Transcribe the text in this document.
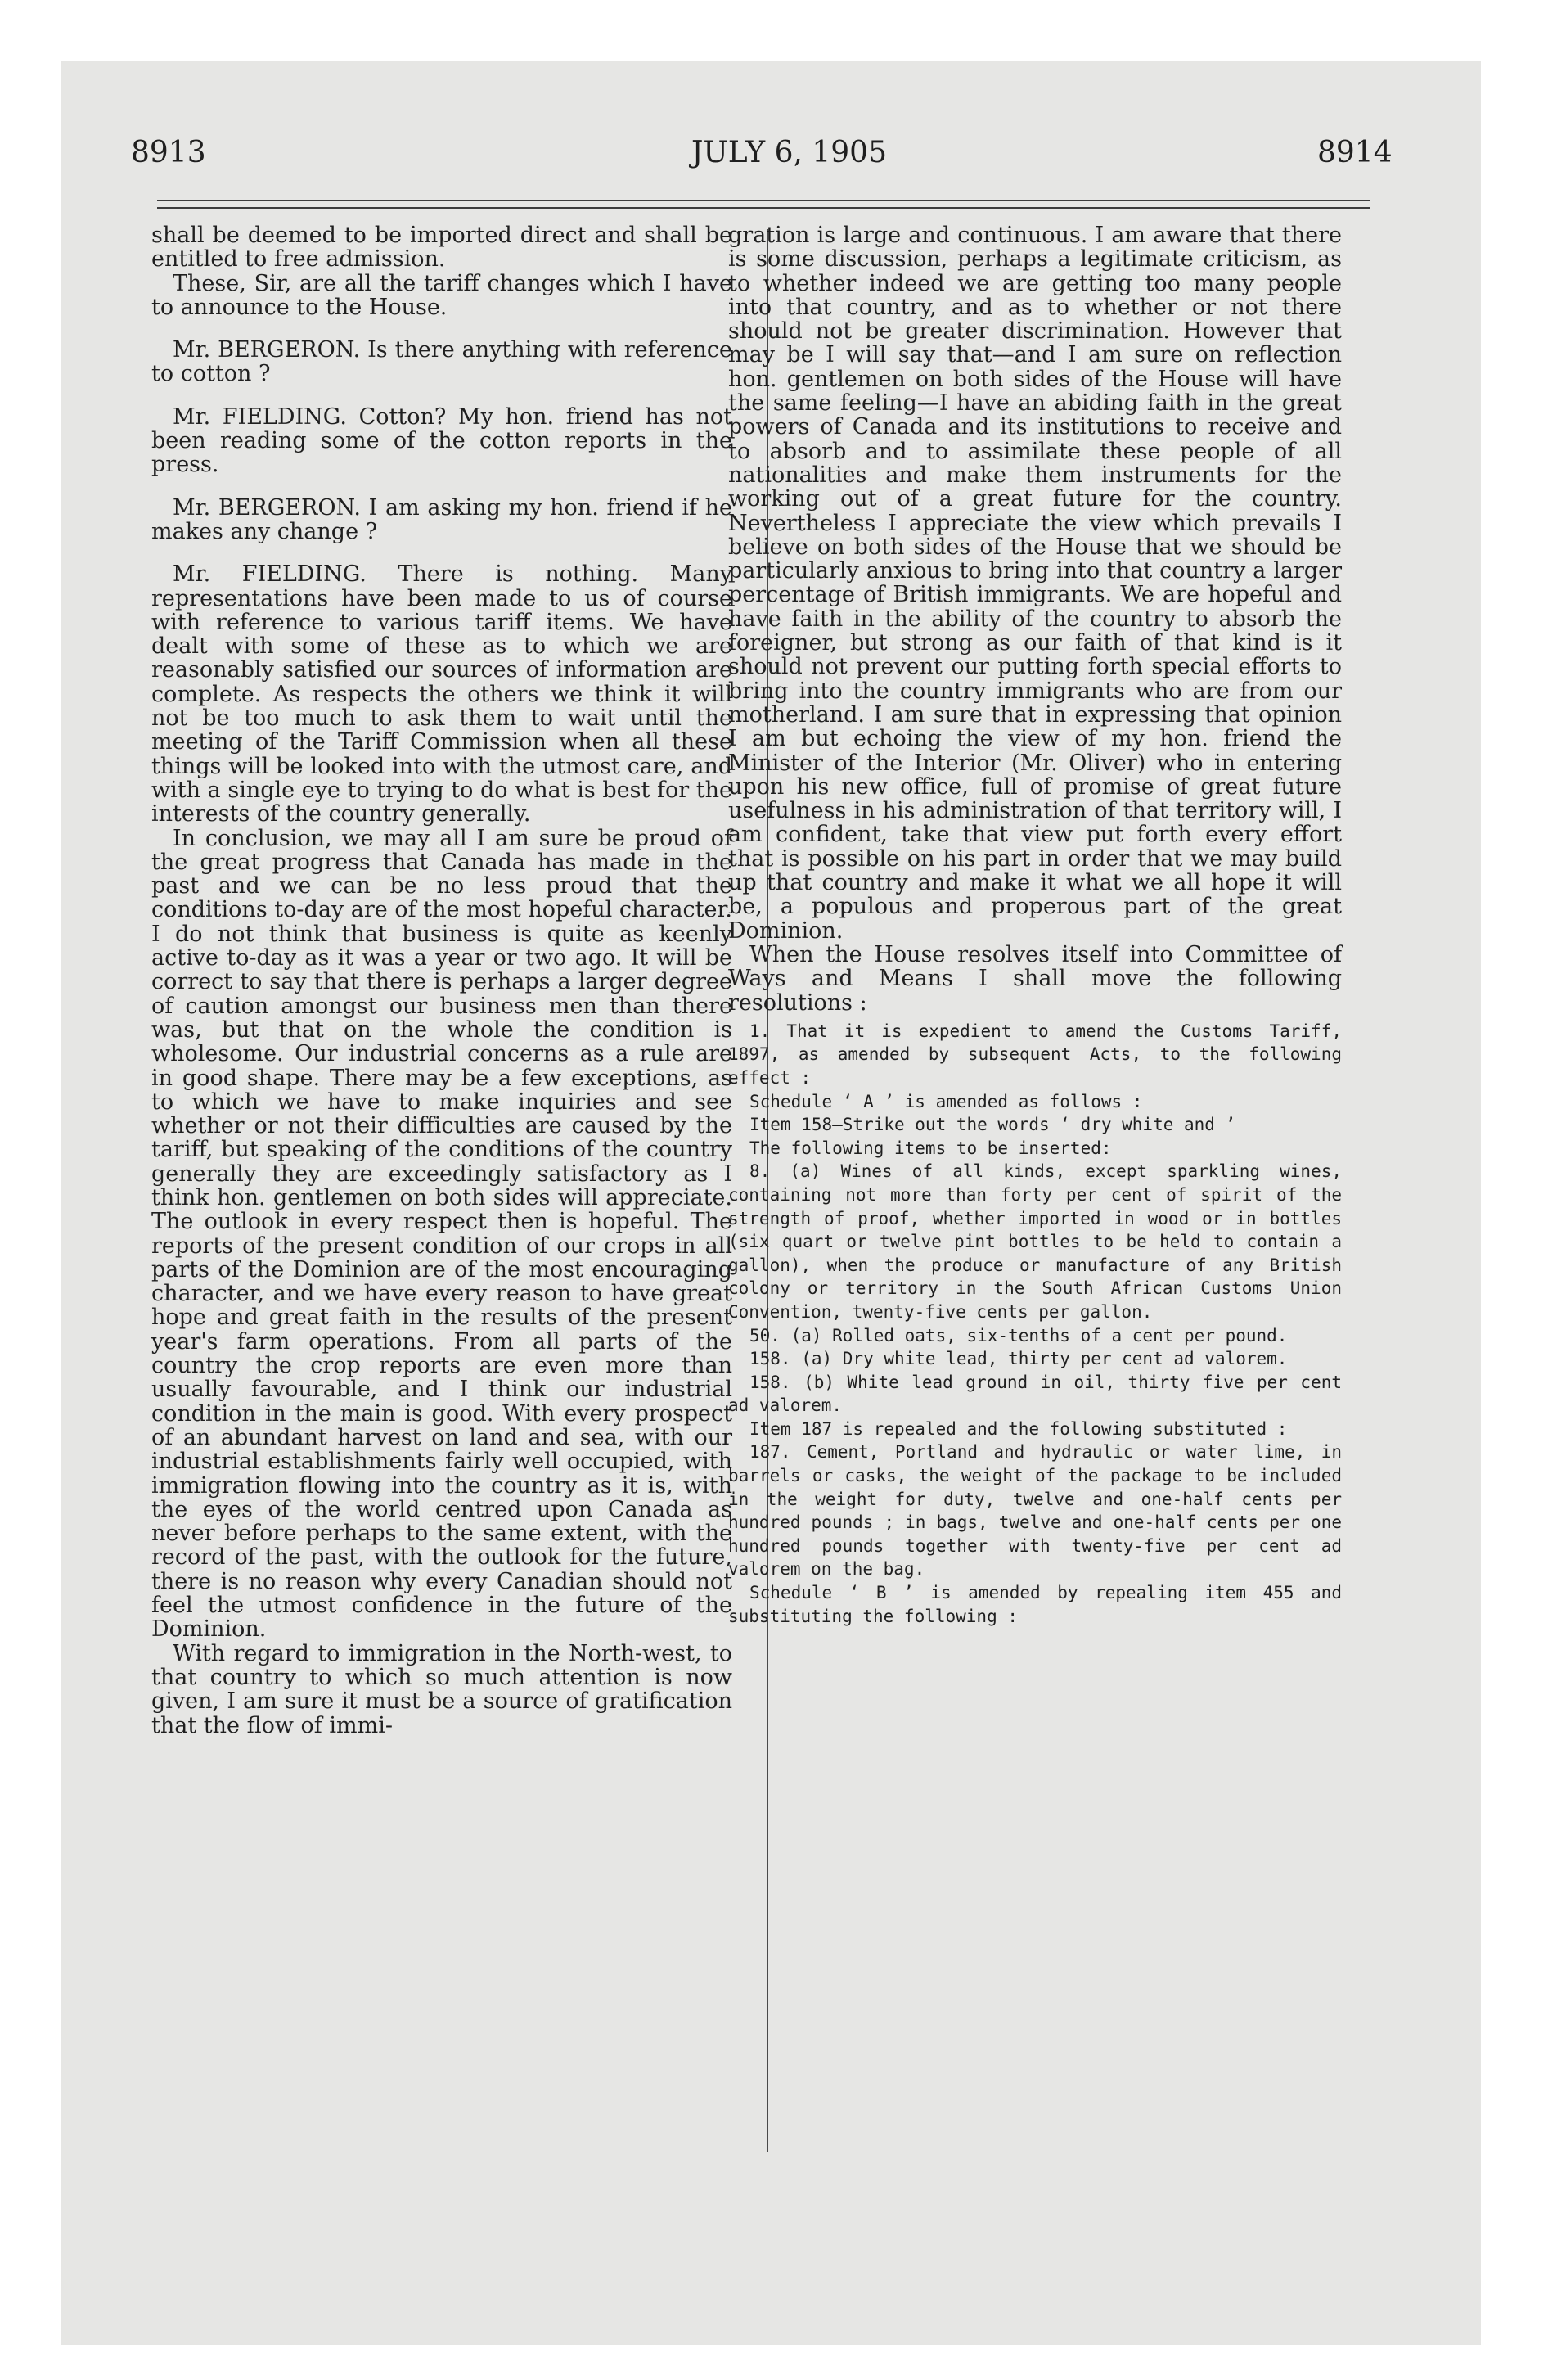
8913	JULY 6, 1905	8914

shall be deemed to be imported direct and shall be entitled to free admission.

These, Sir, are all the tariff changes which I have to announce to the House.

Mr. BERGERON. Is there anything with reference to cotton ?

Mr. FIELDING. Cotton? My hon. friend has not been reading some of the cotton reports in the press.

Mr. BERGERON. I am asking my hon. friend if he makes any change ?

Mr. FIELDING. There is nothing. Many representations have been made to us of course with reference to various tariff items. We have dealt with some of these as to which we are reasonably satisfied our sources of information are complete. As respects the others we think it will not be too much to ask them to wait until the meeting of the Tariff Commission when all these things will be looked into with the utmost care, and with a single eye to trying to do what is best for the interests of the country generally.

In conclusion, we may all I am sure be proud of the great progress that Canada has made in the past and we can be no less proud that the conditions to-day are of the most hopeful character. I do not think that business is quite as keenly active to-day as it was a year or two ago. It will be correct to say that there is perhaps a larger degree of caution amongst our business men than there was, but that on the whole the condition is wholesome. Our industrial concerns as a rule are in good shape. There may be a few exceptions, as to which we have to make inquiries and see whether or not their difficulties are caused by the tariff, but speaking of the conditions of the country generally they are exceedingly satisfactory as I think hon. gentlemen on both sides will appreciate. The outlook in every respect then is hopeful. The reports of the present condition of our crops in all parts of the Dominion are of the most encouraging character, and we have every reason to have great hope and great faith in the results of the present year's farm operations. From all parts of the country the crop reports are even more than usually favourable, and I think our industrial condition in the main is good. With every prospect of an abundant harvest on land and sea, with our industrial establishments fairly well occupied, with immigration flowing into the country as it is, with the eyes of the world centred upon Canada as never before perhaps to the same extent, with the record of the past, with the outlook for the future, there is no reason why every Canadian should not feel the utmost confidence in the future of the Dominion.

With regard to immigration in the North-west, to that country to which so much attention is now given, I am sure it must be a source of gratification that the flow of immi-

gration is large and continuous. I am aware that there is some discussion, perhaps a legitimate criticism, as to whether indeed we are getting too many people into that country, and as to whether or not there should not be greater discrimination. However that may be I will say that—and I am sure on reflection hon. gentlemen on both sides of the House will have the same feeling—I have an abiding faith in the great powers of Canada and its institutions to receive and to absorb and to assimilate these people of all nationalities and make them instruments for the working out of a great future for the country. Nevertheless I appreciate the view which prevails I believe on both sides of the House that we should be particularly anxious to bring into that country a larger percentage of British immigrants. We are hopeful and have faith in the ability of the country to absorb the foreigner, but strong as our faith of that kind is it should not prevent our putting forth special efforts to bring into the country immigrants who are from our motherland. I am sure that in expressing that opinion I am but echoing the view of my hon. friend the Minister of the Interior (Mr. Oliver) who in entering upon his new office, full of promise of great future usefulness in his administration of that territory will, I am confident, take that view put forth every effort that is possible on his part in order that we may build up that country and make it what we all hope it will be, a populous and properous part of the great Dominion.

When the House resolves itself into Committee of Ways and Means I shall move the following resolutions :

1. That it is expedient to amend the Customs Tariff, 1897, as amended by subsequent Acts, to the following effect :

Schedule ‘ A ’ is amended as follows :

Item 158—Strike out the words ‘ dry white and ’

The following items to be inserted:

8. (a) Wines of all kinds, except sparkling wines, containing not more than forty per cent of spirit of the strength of proof, whether imported in wood or in bottles (six quart or twelve pint bottles to be held to contain a gallon), when the produce or manufacture of any British colony or territory in the South African Customs Union Convention, twenty-five cents per gallon.

50. (a) Rolled oats, six-tenths of a cent per pound.

158. (a) Dry white lead, thirty per cent ad valorem.

158. (b) White lead ground in oil, thirty five per cent ad valorem.

Item 187 is repealed and the following substituted :

187. Cement, Portland and hydraulic or water lime, in barrels or casks, the weight of the package to be included in the weight for duty, twelve and one-half cents per hundred pounds ; in bags, twelve and one-half cents per one hundred pounds together with twenty-five per cent ad valorem on the bag.

Schedule ‘ B ’ is amended by repealing item 455 and substituting the following :
